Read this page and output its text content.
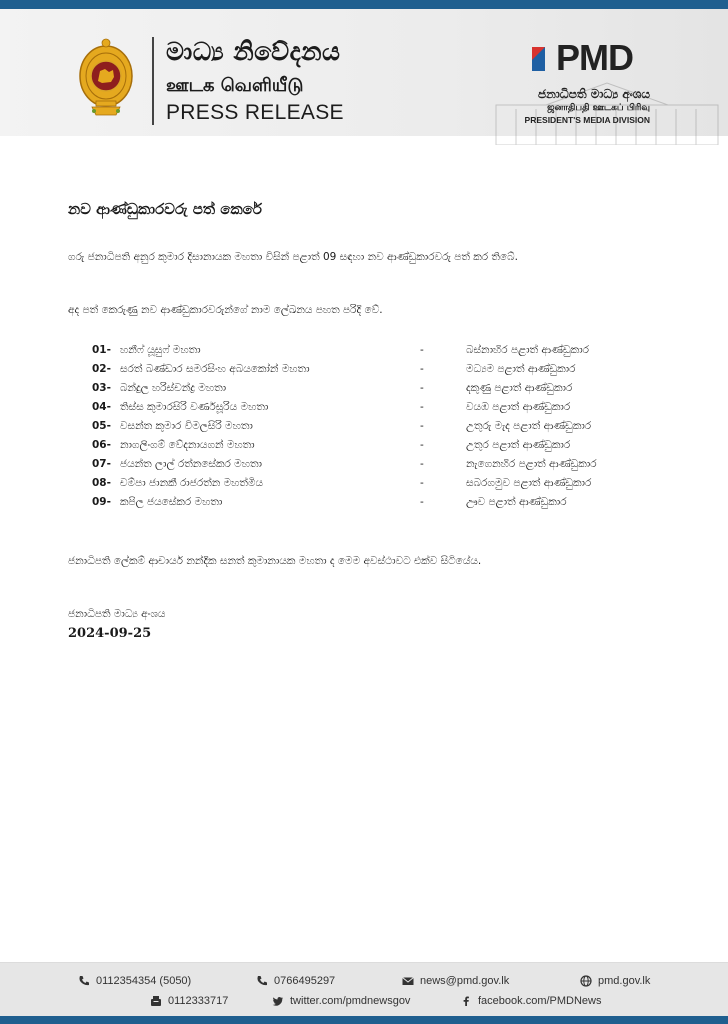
මාධ්‍ය නිවේදනය
ஊடக வெளியீடு
PRESS RELEASE
PMD
ජනාධිපති මාධ්‍ය අංශය
ஜனாதிபதி ஊடகப் பிரிவு
PRESIDENT'S MEDIA DIVISION
නව ආණ්ඩුකාරවරු පත් කෙරේ
ගරු ජනාධිපති අනුර කුමාර දිසානායක මහතා විසින් පළාත් 09 සඳහා නව ආණ්ඩුකාරවරු පත් කර තිබේ.
අද පත් කෙරුණු නව ආණ්ඩුකාරවරුන්ගේ නාම ලේඛනය පහත පරිදි වේ.
01- හනීෆ් යූසුෆ් මහතා	-	බස්නාහිර පළාත් ආණ්ඩුකාර
02- සරත් බණ්ඩාර සමරසිංහ අබයකෝන් මහතා	-	මධ්‍යම පළාත් ආණ්ඩුකාර
03- බන්දුල හරිස්චන්ද්‍ර මහතා	-	දකුණු පළාත් ආණ්ඩුකාර
04- තිස්ස කුමාරසිරි වර්ණසූරිය මහතා	-	වයඹ පළාත් ආණ්ඩුකාර
05- වසන්ත කුමාර විමලසිරි මහතා	-	උතුරු මැද පළාත් ආණ්ඩුකාර
06- නාගලිංගම් වේදනායගන් මහතා	-	උතුර පළාත් ආණ්ඩුකාර
07- ජයන්ත ලාල් රත්නසේකර මහතා	-	නැගෙනහිර පළාත් ආණ්ඩුකාර
08- චම්පා ජානකී රාජරත්න මහත්මිය	-	සබරගමුව පළාත් ආණ්ඩුකාර
09- කපිල ජයසේකර මහතා	-	ඌව පළාත් ආණ්ඩුකාර
ජනාධිපති ලේකම් ආචාර්ය නන්දික සනත් කුමානායක මහතා ද මෙම අවස්ථාවට එක්ව සිටියේය.
ජනාධිපති මාධ්‍ය අංශය
2024-09-25
0112354354 (5050)	0766495297	news@pmd.gov.lk	pmd.gov.lk
0112333717	twitter.com/pmdnewsgov	facebook.com/PMDNews
